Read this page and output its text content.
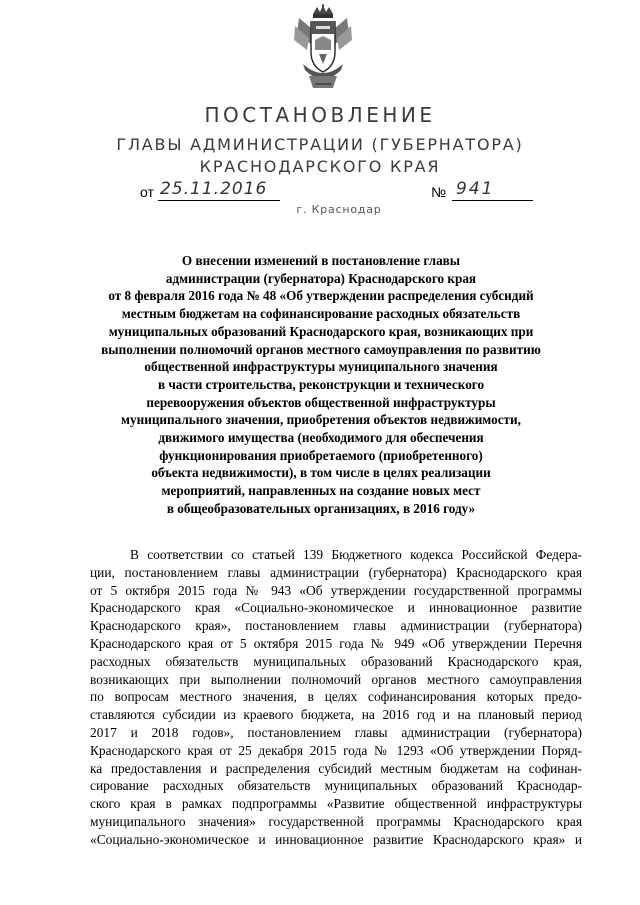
ПОСТАНОВЛЕНИЕ
ГЛАВЫ АДМИНИСТРАЦИИ (ГУБЕРНАТОРА)
КРАСНОДАРСКОГО КРАЯ
от 25.11.2016	№ 941
г. Краснодар
О внесении изменений в постановление главы
администрации (губернатора) Краснодарского края
от 8 февраля 2016 года № 48 «Об утверждении распределения субсидий
местным бюджетам на софинансирование расходных обязательств
муниципальных образований Краснодарского края, возникающих при
выполнении полномочий органов местного самоуправления по развитию
общественной инфраструктуры муниципального значения
в части строительства, реконструкции и технического
перевооружения объектов общественной инфраструктуры
муниципального значения, приобретения объектов недвижимости,
движимого имущества (необходимого для обеспечения
функционирования приобретаемого (приобретенного)
объекта недвижимости), в том числе в целях реализации
мероприятий, направленных на создание новых мест
в общеобразовательных организациях, в 2016 году»
В соответствии со статьей 139 Бюджетного кодекса Российской Федера-
ции, постановлением главы администрации (губернатора) Краснодарского края
от 5 октября 2015 года № 943 «Об утверждении государственной программы
Краснодарского края «Социально-экономическое и инновационное развитие
Краснодарского края», постановлением главы администрации (губернатора)
Краснодарского края от 5 октября 2015 года № 949 «Об утверждении Перечня
расходных обязательств муниципальных образований Краснодарского края,
возникающих при выполнении полномочий органов местного самоуправления
по вопросам местного значения, в целях софинансирования которых предо-
ставляются субсидии из краевого бюджета, на 2016 год и на плановый период
2017 и 2018 годов», постановлением главы администрации (губернатора)
Краснодарского края от 25 декабря 2015 года № 1293 «Об утверждении Поряд-
ка предоставления и распределения субсидий местным бюджетам на софинан-
сирование расходных обязательств муниципальных образований Краснодар-
ского края в рамках подпрограммы «Развитие общественной инфраструктуры
муниципального значения» государственной программы Краснодарского края
«Социально-экономическое и инновационное развитие Краснодарского края» и
